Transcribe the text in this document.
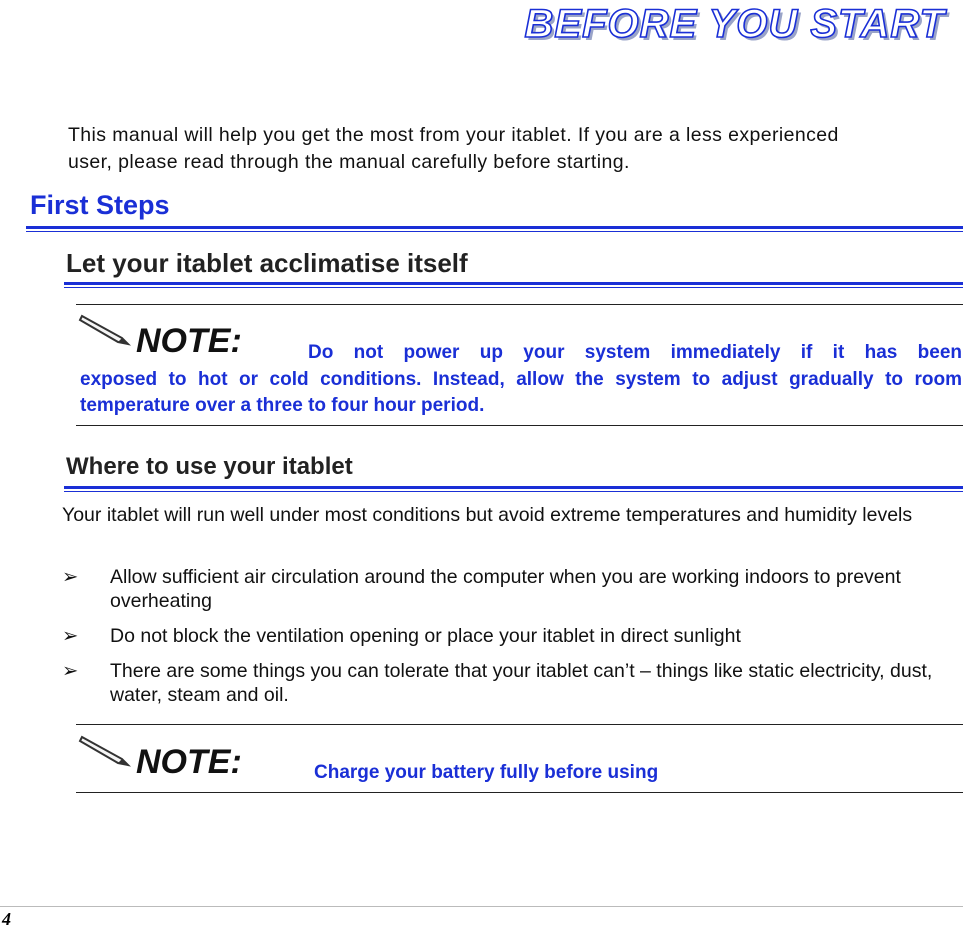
BEFORE YOU START
This manual will help you get the most from your itablet. If you are a less experienced user, please read through the manual carefully before starting.
First Steps
Let your itablet acclimatise itself
NOTE:	Do not power up your system immediately if it has been exposed to hot or cold conditions. Instead, allow the system to adjust gradually to room temperature over a three to four hour period.
Where to use your itablet
Your itablet will run well under most conditions but avoid extreme temperatures and humidity levels
➢	Allow sufficient air circulation around the computer when you are working indoors to prevent overheating
➢	Do not block the ventilation opening or place your itablet in direct sunlight
➢	There are some things you can tolerate that your itablet can’t – things like static electricity, dust, water, steam and oil.
NOTE:	Charge your battery fully before using
4
